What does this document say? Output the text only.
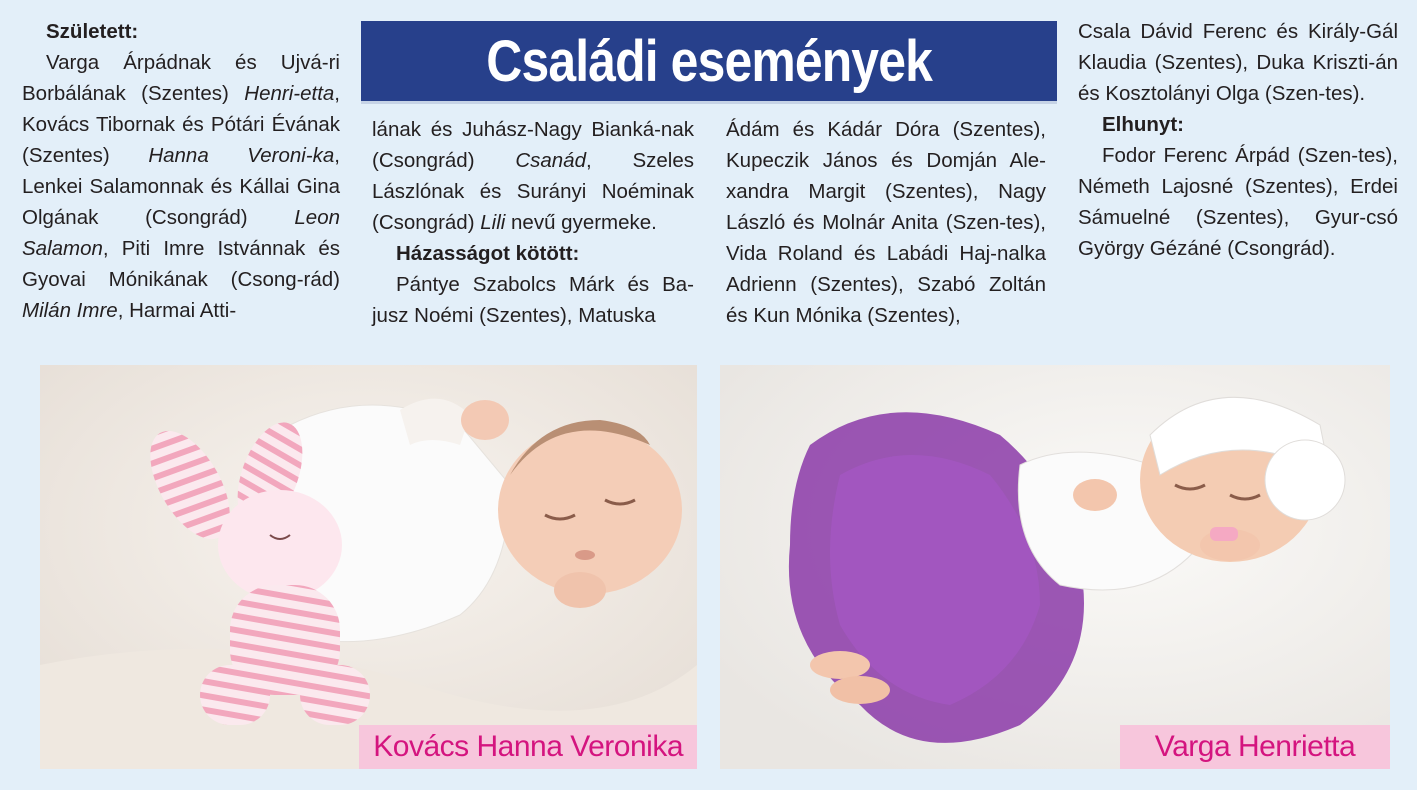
Született:

Varga Árpádnak és Ujvá-ri Borbálának (Szentes) Henri-etta, Kovács Tibornak és Pótári Évának (Szentes) Hanna Veroni-ka, Lenkei Salamonnak és Kállai Gina Olgának (Csongrád) Leon Salamon, Piti Imre Istvánnak és Gyovai Mónikának (Csong-rád) Milán Imre, Harmai Atti-

Családi események

lának és Juhász-Nagy Bianká-nak (Csongrád) Csanád, Szeles Lászlónak és Surányi Noéminak (Csongrád) Lili nevű gyermeke.

Házasságot kötött:

Pántye Szabolcs Márk és Ba-jusz Noémi (Szentes), Matuska

Ádám és Kádár Dóra (Szentes), Kupeczik János és Domján Ale-xandra Margit (Szentes), Nagy László és Molnár Anita (Szen-tes), Vida Roland és Labádi Haj-nalka Adrienn (Szentes), Szabó Zoltán és Kun Mónika (Szentes),

Csala Dávid Ferenc és Király-Gál Klaudia (Szentes), Duka Kriszti-án és Kosztolányi Olga (Szen-tes).

Elhunyt:

Fodor Ferenc Árpád (Szen-tes), Németh Lajosné (Szentes), Erdei Sámuelné (Szentes), Gyur-csó György Gézáné (Csongrád).

Kovács Hanna Veronika	Varga Henrietta
